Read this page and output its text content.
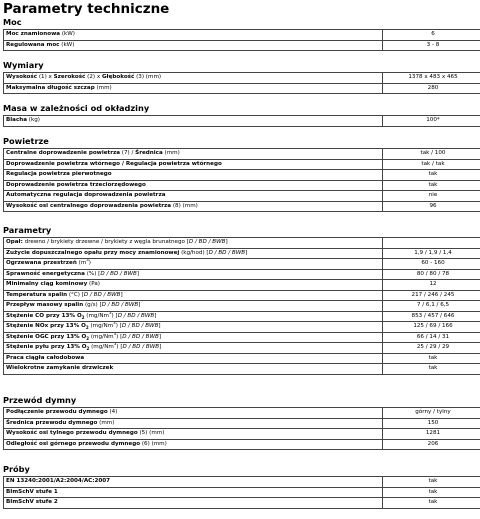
Parametry techniczne
Moc
Moc znamionowa (kW)	6
Regulowana moc (kW)	3 - 8
Wymiary
Wysokość (1) x Szerokość (2) x Głębokość (3) (mm)	1378 x 483 x 465
Maksymalna długość szczap (mm)	280
Masa w zależności od okładziny
Blacha (kg)	100*
Powietrze
Centralne doprowadzenie powietrza (7) / Średnica (mm)	tak / 100
Doprowadzenie powietrza wtórnego / Regulacja powietrza wtórnego	tak / tak
Regulacja powietrza pierwotnego	tak
Doprowadzenie powietrza trzeciorzędowego	tak
Automatyczna regulacja doprowadzenia powietrza	nie
Wysokość osi centralnego doprowadzenia powietrza (8) (mm)	96
Parametry
Opał: drewno / brykiety drzewne / brykiety z węgla brunatnego [D / BD / BWB]	
Zużycie dopuszczalnego opału przy mocy znamionowej (kg/hod) [D / BD / BWB]	1,9 / 1,9 / 1,4
Ogrzewana przestrzeń $(m^3)$	60 - 160
Sprawność energetyczna (%) [D / BD / BWB]	80 / 80 / 78
Minimalny ciąg kominowy (Pa)	12
Temperatura spalin (°C) [D / BD / BWB]	217 / 246 / 245
Przepływ masowy spalin (g/s) [D / BD / BWB]	7 / 6,1 / 6,5
Stężenie CO przy 13% $O_2$ (mg/Nm$^3$) [D / BD / BWB]	853 / 457 / 646
Stężenie NOx przy 13% $O_2$ (mg/Nm$^3$) [D / BD / BWB]	125 / 69 / 166
Stężenie OGC przy 13% $O_2$ (mg/Nm$^3$) [D / BD / BWB]	66 / 14 / 31
Stężenie pyłu przy 13% $O_2$ (mg/Nm$^3$) [D / BD / BWB]	25 / 29 / 29
Praca ciągła całodobowa	tak
Wielokrotne zamykanie drzwiczek	tak
Przewód dymny
Podłączenie przewodu dymnego (4)	górny / tylny
Średnica przewodu dymnego (mm)	150
Wysokość osi tylnego przewodu dymnego (5) (mm)	1281
Odległość osi górnego przewodu dymnego (6) (mm)	206
Próby
EN 13240:2001/A2:2004/AC:2007	tak
BImSchV stufe 1	tak
BImSchV stufe 2	tak
